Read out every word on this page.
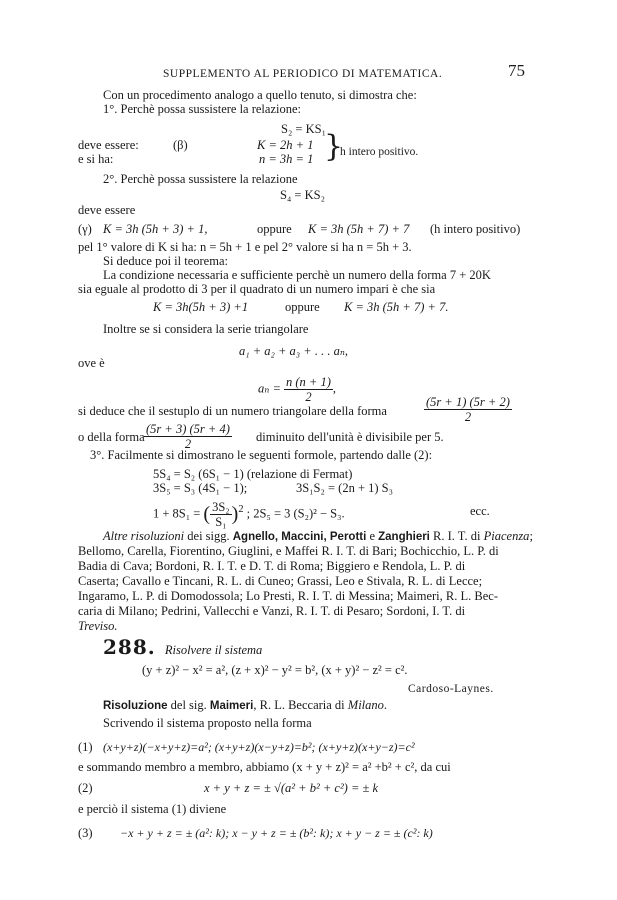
SUPPLEMENTO AL PERIODICO DI MATEMATICA.	75
Con un procedimento analogo a quello tenuto, si dimostra che:
1°. Perchè possa sussistere la relazione:
S₂ = KS₁
deve essere:	(β)
e si ha:
K = 2h + 1
n = 3h = 1 }
h intero positivo.
2°. Perchè possa sussistere la relazione
S₄ = KS₂
deve essere
(γ) K = 3h (5h + 3) + 1,	oppure K = 3h (5h + 7) + 7 (h intero positivo)
pel 1° valore di K si ha: n = 5h + 1 e pel 2° valore si ha n = 5h + 3.
Si deduce poi il teorema:
La condizione necessaria e sufficiente perchè un numero della forma 7 + 20K
sia eguale al prodotto di 3 per il quadrato di un numero impari è che sia
K = 3h(5h + 3) +1	oppure K = 3h (5h + 7) + 7.
Inoltre se si considera la serie triangolare
a₁ + a₂ + a₃ + . . . aₙ,
ove è
$a_n = \frac{n (n + 1)}{2}$ ,
si deduce che il sestuplo di un numero triangolare della forma	$\frac{(5r + 1) (5r + 2)}{2}$
o della forma $\frac{(5r + 3) (5r + 4)}{2}$ diminuito dell'unità è divisibile per 5.
3°. Facilmente si dimostrano le seguenti formole, partendo dalle (2):
5S₄ = S₂ (6S₁ − 1) (relazione di Fermat)
3S₅ = S₃ (4S₁ − 1);	3S₁S₂ = (2n + 1) S₃
1 + 8S₁ = ( $\frac{\text{3S₂}}{\text{S₁}} )^2$ ; 2S₅ = 3 (S₂)² − S₃.	ecc.
Altre risoluzioni dei sigg. Agnello, Maccini, Perotti e Zanghieri R. I. T. di Piacenza;
Bellomo, Carella, Fiorentino, Giuglini, e Maffei R. I. T. di Bari; Bochicchio, L. P. di
Badia di Cava; Bordoni, R. I. T. e D. T. di Roma; Biggiero e Rendola, L. P. di
Caserta; Cavallo e Tincani, R. L. di Cuneo; Grassi, Leo e Stivala, R. L. di Lecce;
Ingaramo, L. P. di Domodossola; Lo Presti, R. I. T. di Messina; Maimeri, R. L. Bec-
caria di Milano; Pedrini, Vallecchi e Vanzi, R. I. T. di Pesaro; Sordoni, I. T. di
Treviso.
288. Risolvere il sistema
(y + z)² − x² = a², (z + x)² − y² = b², (x + y)² − z² = c².
Cardoso-Laynes.
Risoluzione del sig. Maimeri, R. L. Beccaria di Milano.
Scrivendo il sistema proposto nella forma
(1) (x+y+z)(−x+y+z)=a²; (x+y+z)(x−y+z)=b²; (x+y+z)(x+y−z)=c²
e sommando membro a membro, abbiamo (x + y + z)² = a² +b² + c², da cui
(2)	x + y + z = ± √(a² + b² + c²) = ± k
e perciò il sistema (1) diviene
(3) −x + y + z = ± (a²: k); x − y + z = ± (b²: k); x + y − z = ± (c²: k)
